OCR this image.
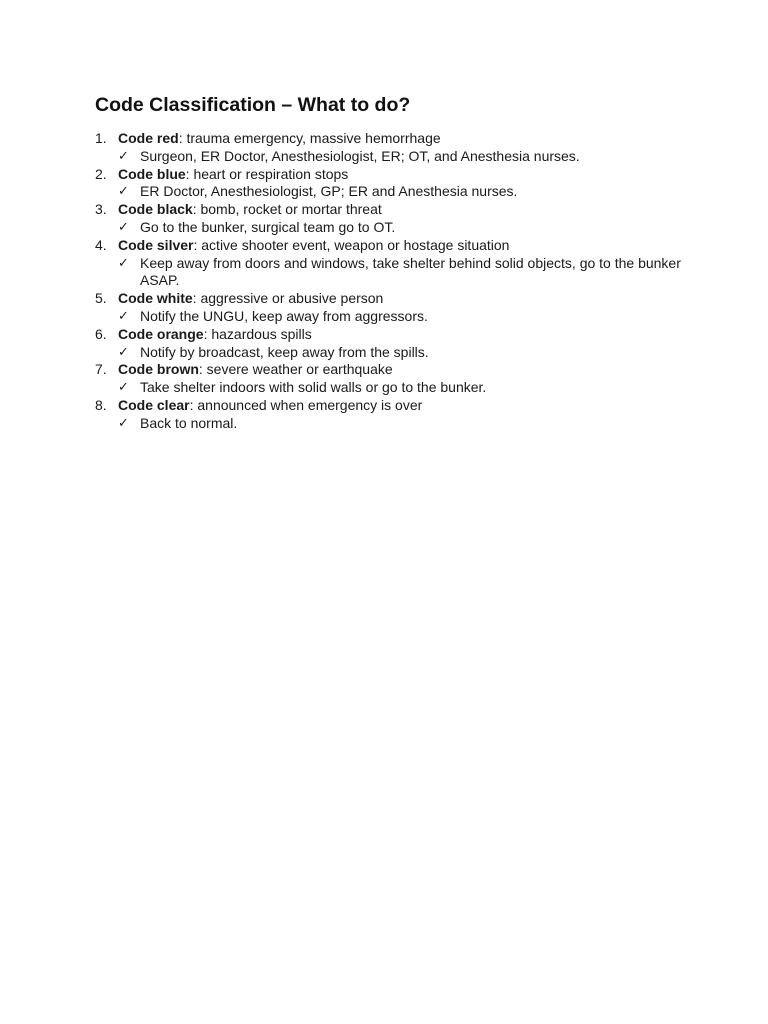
Code Classification – What to do?
1. Code red: trauma emergency, massive hemorrhage
✓ Surgeon, ER Doctor, Anesthesiologist, ER; OT, and Anesthesia nurses.
2. Code blue: heart or respiration stops
✓ ER Doctor, Anesthesiologist, GP; ER and Anesthesia nurses.
3. Code black: bomb, rocket or mortar threat
✓ Go to the bunker, surgical team go to OT.
4. Code silver: active shooter event, weapon or hostage situation
✓ Keep away from doors and windows, take shelter behind solid objects, go to the bunker ASAP.
5. Code white: aggressive or abusive person
✓ Notify the UNGU, keep away from aggressors.
6. Code orange: hazardous spills
✓ Notify by broadcast, keep away from the spills.
7. Code brown: severe weather or earthquake
✓ Take shelter indoors with solid walls or go to the bunker.
8. Code clear: announced when emergency is over
✓ Back to normal.
